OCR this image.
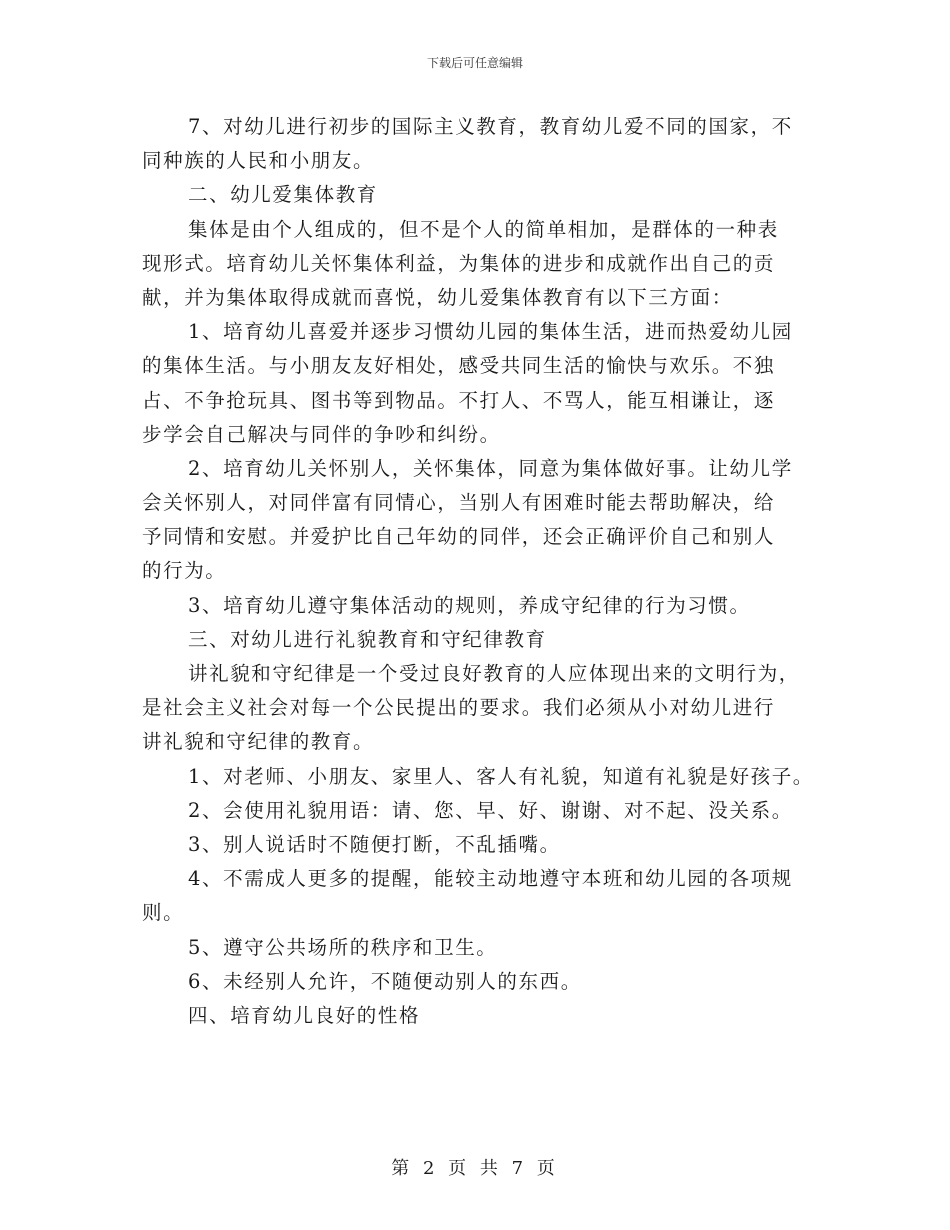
下载后可任意编辑
7、对幼儿进行初步的国际主义教育，教育幼儿爱不同的国家，不
同种族的人民和小朋友。
二、幼儿爱集体教育
集体是由个人组成的，但不是个人的简单相加，是群体的一种表
现形式。培育幼儿关怀集体利益，为集体的进步和成就作出自己的贡
献，并为集体取得成就而喜悦，幼儿爱集体教育有以下三方面：
1、培育幼儿喜爱并逐步习惯幼儿园的集体生活，进而热爱幼儿园
的集体生活。与小朋友友好相处，感受共同生活的愉快与欢乐。不独
占、不争抢玩具、图书等到物品。不打人、不骂人，能互相谦让，逐
步学会自己解决与同伴的争吵和纠纷。
2、培育幼儿关怀别人，关怀集体，同意为集体做好事。让幼儿学
会关怀别人，对同伴富有同情心，当别人有困难时能去帮助解决，给
予同情和安慰。并爱护比自己年幼的同伴，还会正确评价自己和别人
的行为。
3、培育幼儿遵守集体活动的规则，养成守纪律的行为习惯。
三、对幼儿进行礼貌教育和守纪律教育
讲礼貌和守纪律是一个受过良好教育的人应体现出来的文明行为，
是社会主义社会对每一个公民提出的要求。我们必须从小对幼儿进行
讲礼貌和守纪律的教育。
1、对老师、小朋友、家里人、客人有礼貌，知道有礼貌是好孩子。
2、会使用礼貌用语：请、您、早、好、谢谢、对不起、没关系。
3、别人说话时不随便打断，不乱插嘴。
4、不需成人更多的提醒，能较主动地遵守本班和幼儿园的各项规
则。
5、遵守公共场所的秩序和卫生。
6、未经别人允许，不随便动别人的东西。
四、培育幼儿良好的性格
第 2 页 共 7 页
